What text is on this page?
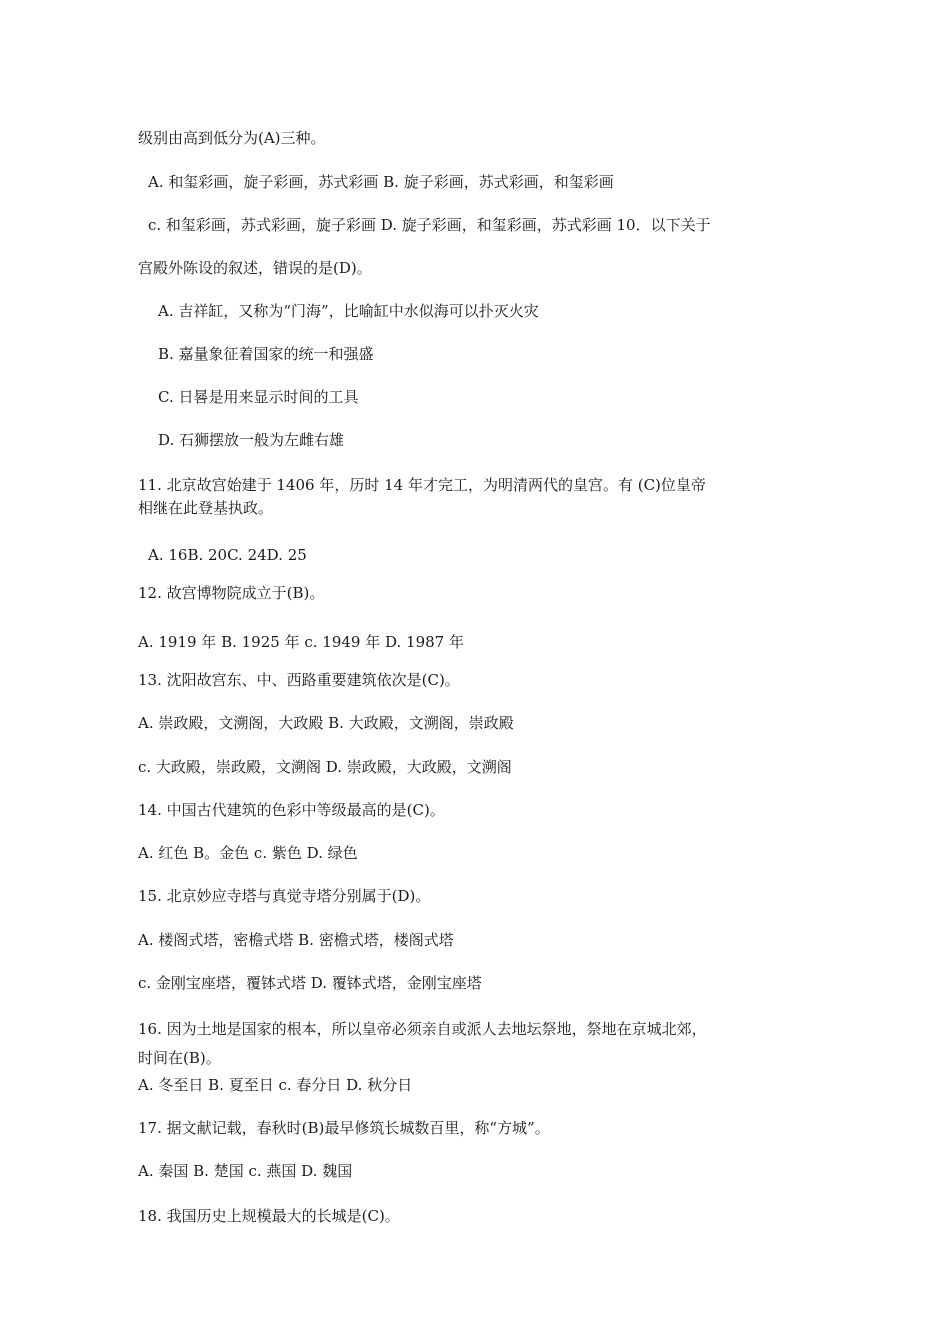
级别由高到低分为(A)三种。
A. 和玺彩画，旋子彩画，苏式彩画 B. 旋子彩画，苏式彩画，和玺彩画
c. 和玺彩画，苏式彩画，旋子彩画 D. 旋子彩画，和玺彩画，苏式彩画 10．以下关于
宫殿外陈设的叙述，错误的是(D)。
A. 吉祥缸，又称为“门海”，比喻缸中水似海可以扑灭火灾
B. 嘉量象征着国家的统一和强盛
C. 日晷是用来显示时间的工具
D. 石狮摆放一般为左雌右雄
11. 北京故宫始建于 1406 年，历时 14 年才完工，为明清两代的皇宫。有 (C)位皇帝
相继在此登基执政。
A. 16B. 20C. 24D. 25
12. 故宫博物院成立于(B)。
A. 1919 年 B. 1925 年 c. 1949 年 D. 1987 年
13. 沈阳故宫东、中、西路重要建筑依次是(C)。
A. 崇政殿，文溯阁，大政殿 B. 大政殿，文溯阁，崇政殿
c. 大政殿，崇政殿，文溯阁 D. 崇政殿，大政殿，文溯阁
14. 中国古代建筑的色彩中等级最高的是(C)。
A. 红色 B。金色 c. 紫色 D. 绿色
15. 北京妙应寺塔与真觉寺塔分别属于(D)。
A. 楼阁式塔，密檐式塔 B. 密檐式塔，楼阁式塔
c. 金刚宝座塔，覆钵式塔 D. 覆钵式塔，金刚宝座塔
16. 因为土地是国家的根本，所以皇帝必须亲自或派人去地坛祭地，祭地在京城北郊，
时间在(B)。
A. 冬至日 B. 夏至日 c. 春分日 D. 秋分日
17. 据文献记载，春秋时(B)最早修筑长城数百里，称“方城”。
A. 秦国 B. 楚国 c. 燕国 D. 魏国
18. 我国历史上规模最大的长城是(C)。
